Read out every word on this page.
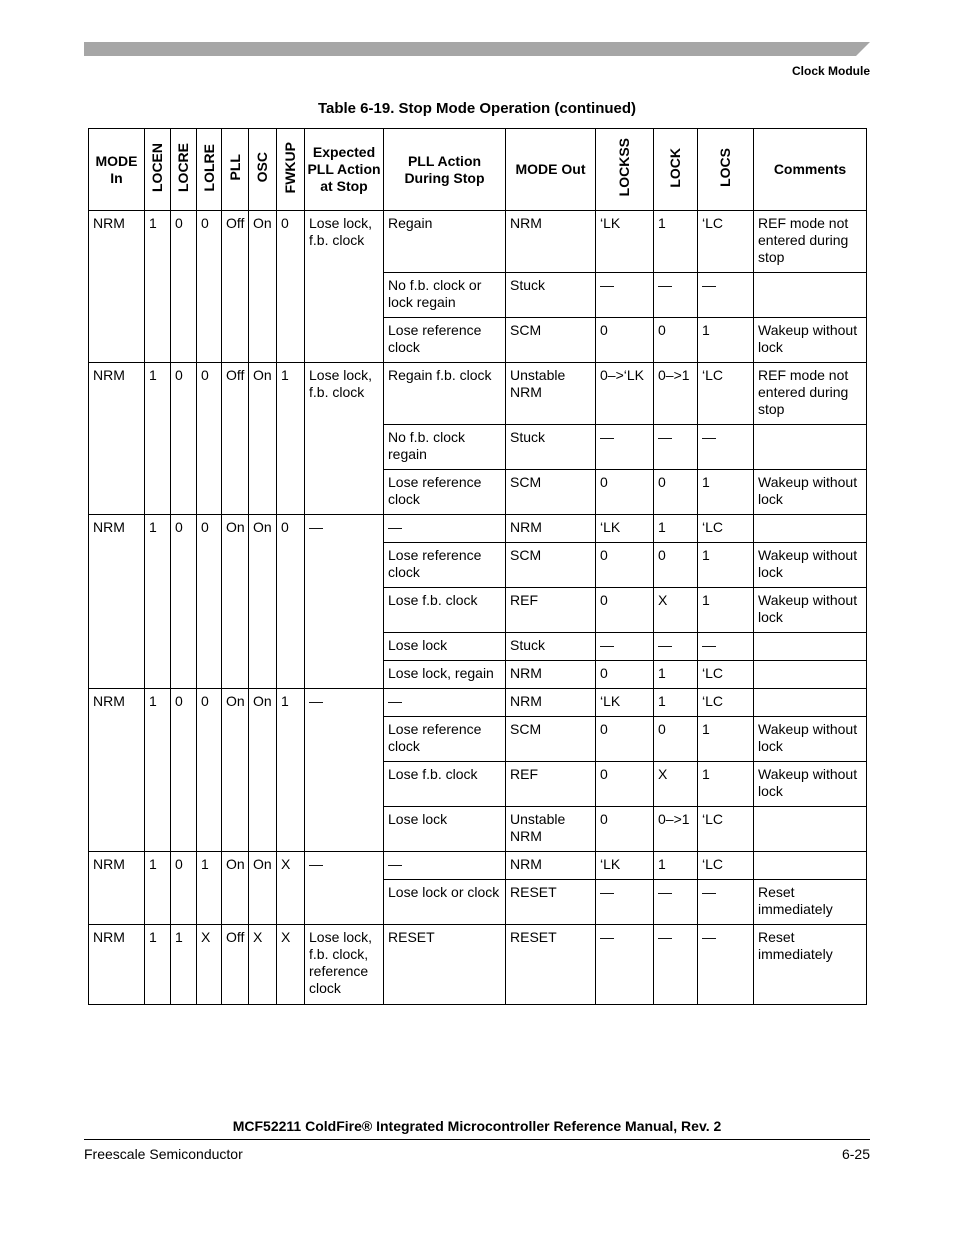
Clock Module
Table 6-19. Stop Mode Operation (continued)
MODE In	LOCEN	LOCRE	LOLRE	PLL	OSC	FWKUP	Expected PLL Action at Stop	PLL Action During Stop	MODE Out	LOCKSS	LOCK	LOCS	Comments
NRM	1	0	0	Off	On	0	Lose lock, f.b. clock	Regain	NRM	‘LK	1	‘LC	REF mode not entered during stop
								No f.b. clock or lock regain	Stuck	—	—	—	
								Lose reference clock	SCM	0	0	1	Wakeup without lock
NRM	1	0	0	Off	On	1	Lose lock, f.b. clock	Regain f.b. clock	Unstable NRM	0–>‘LK	0–>1	‘LC	REF mode not entered during stop
								No f.b. clock regain	Stuck	—	—	—	
								Lose reference clock	SCM	0	0	1	Wakeup without lock
NRM	1	0	0	On	On	0	—	—	NRM	‘LK	1	‘LC	
								Lose reference clock	SCM	0	0	1	Wakeup without lock
								Lose f.b. clock	REF	0	X	1	Wakeup without lock
								Lose lock	Stuck	—	—	—	
								Lose lock, regain	NRM	0	1	‘LC	
NRM	1	0	0	On	On	1	—	—	NRM	‘LK	1	‘LC	
								Lose reference clock	SCM	0	0	1	Wakeup without lock
								Lose f.b. clock	REF	0	X	1	Wakeup without lock
								Lose lock	Unstable NRM	0	0–>1	‘LC	
NRM	1	0	1	On	On	X	—	—	NRM	‘LK	1	‘LC	
								Lose lock or clock	RESET	—	—	—	Reset immediately
NRM	1	1	X	Off	X	X	Lose lock, f.b. clock, reference clock	RESET	RESET	—	—	—	Reset immediately
MCF52211 ColdFire® Integrated Microcontroller Reference Manual, Rev. 2
Freescale Semiconductor	6-25
